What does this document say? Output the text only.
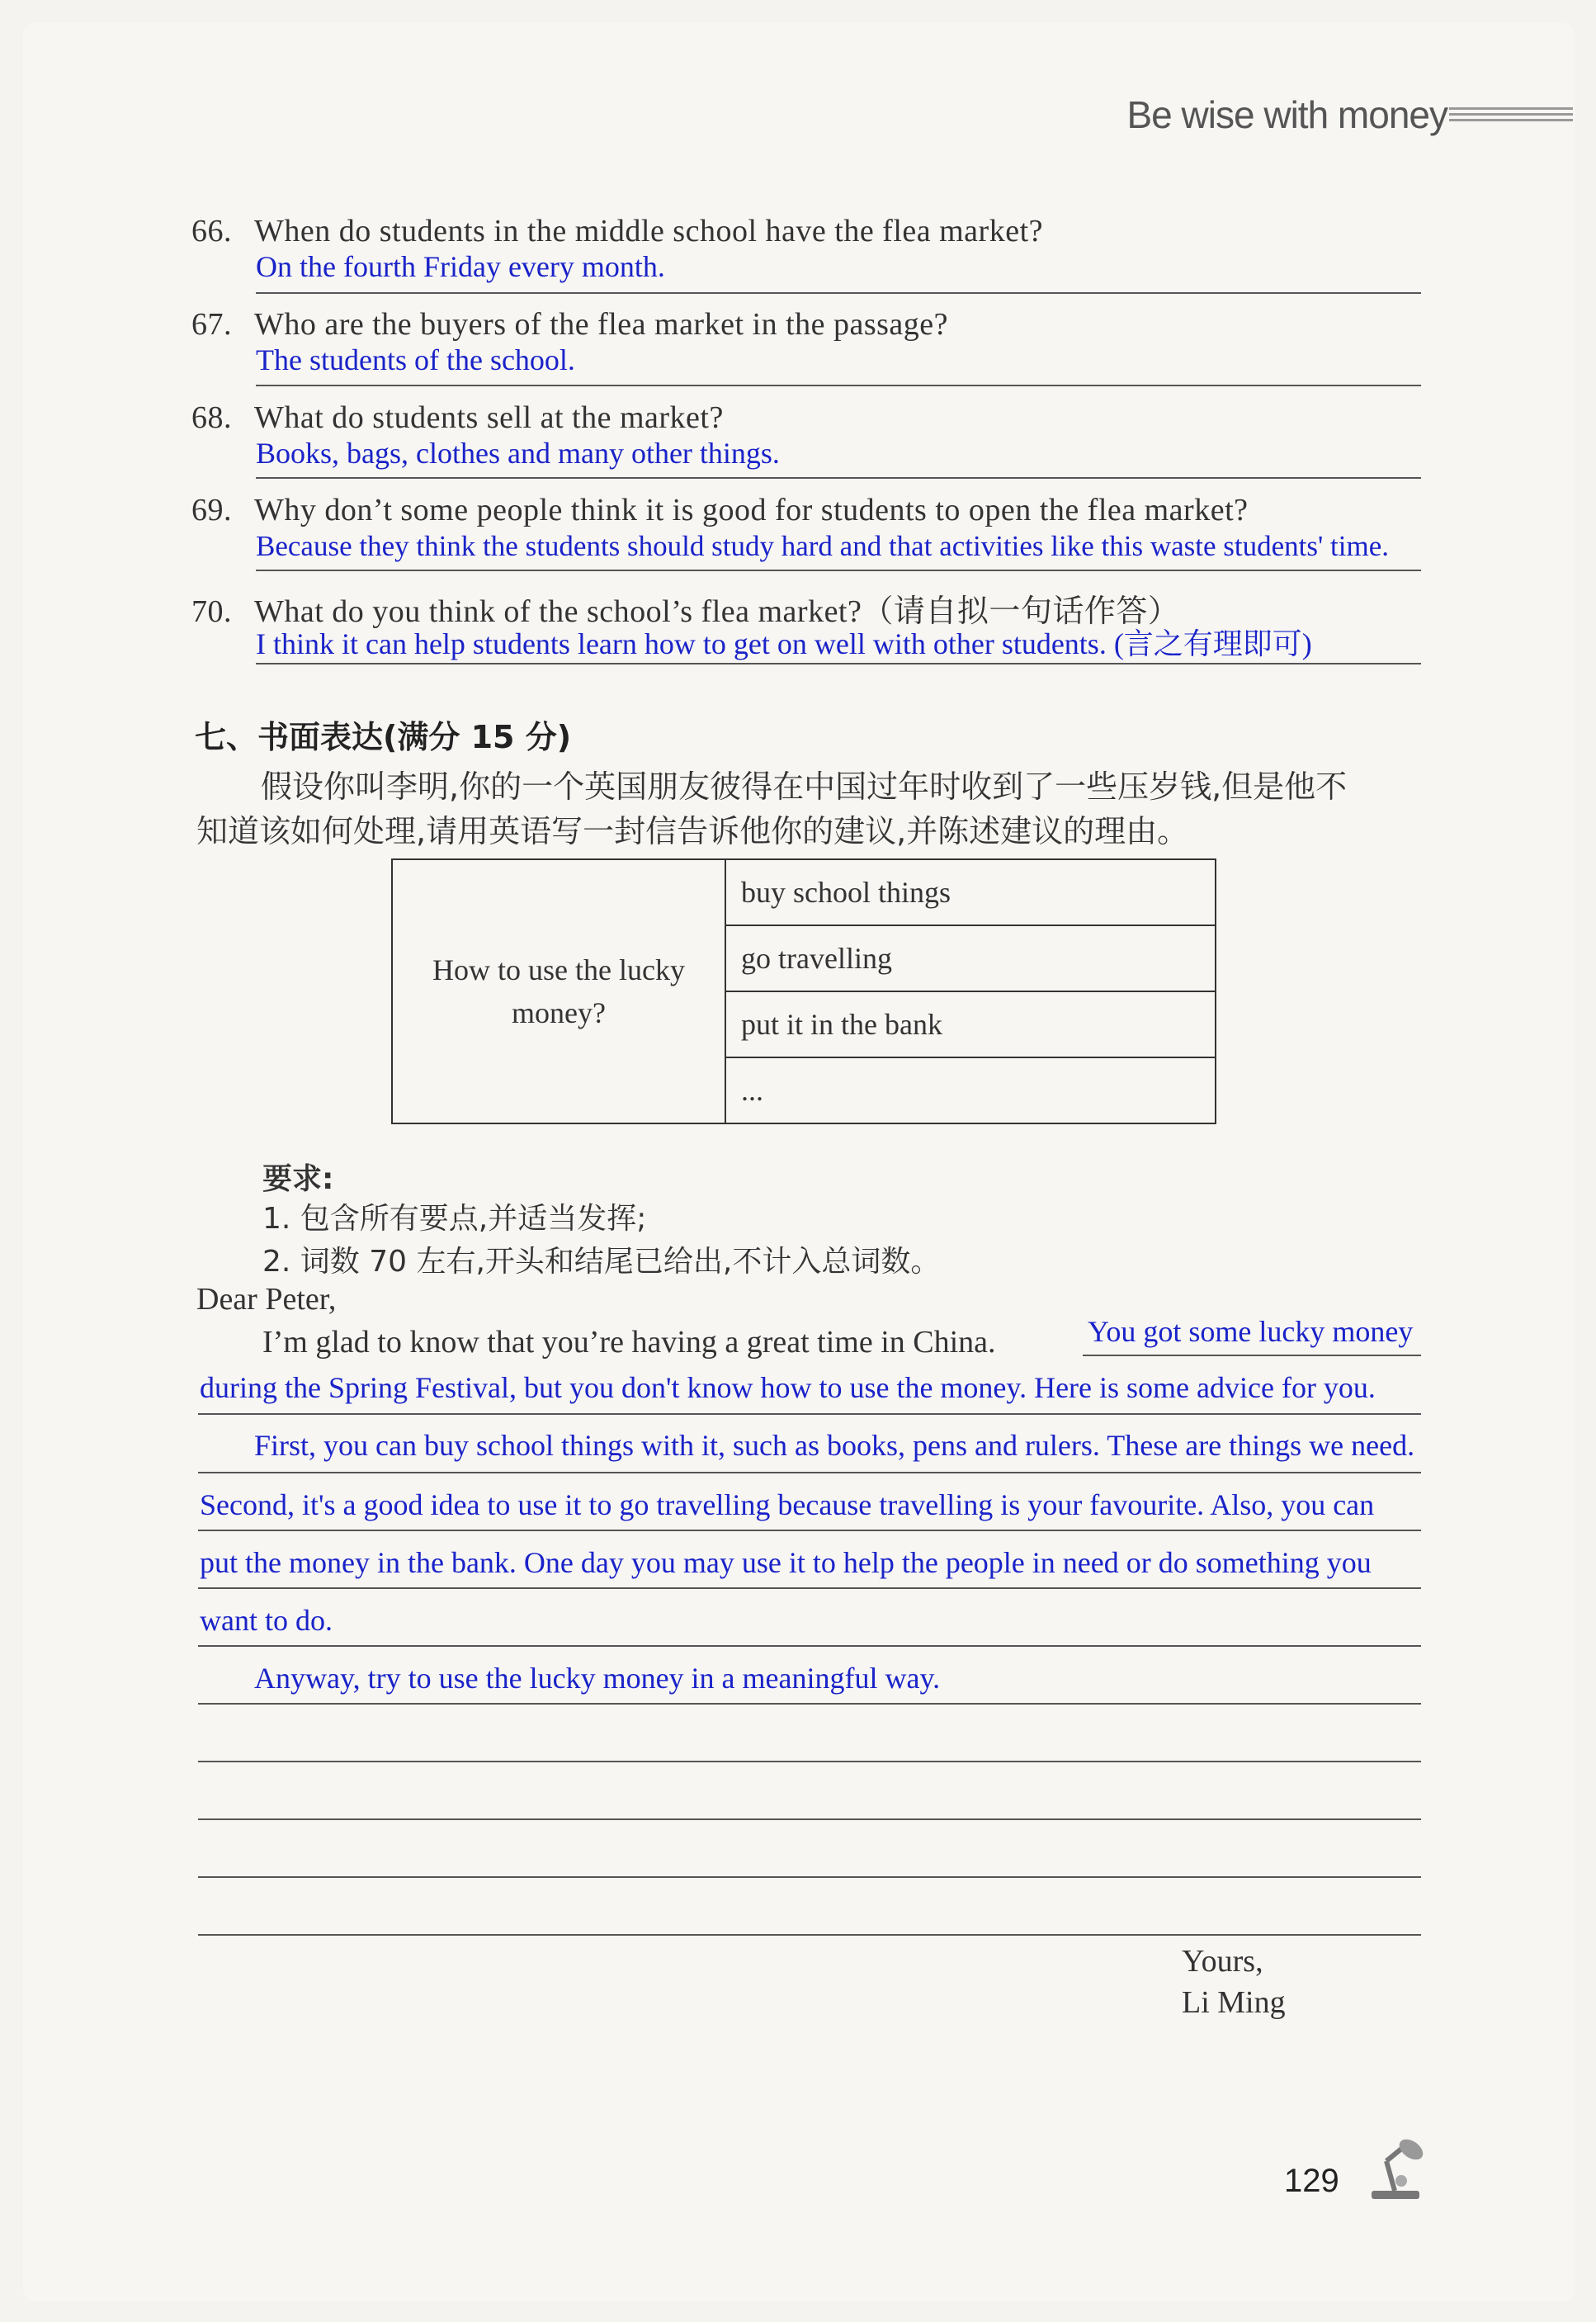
Be wise with money
66. When do students in the middle school have the flea market?
On the fourth Friday every month.
67. Who are the buyers of the flea market in the passage?
The students of the school.
68. What do students sell at the market?
Books, bags, clothes and many other things.
69. Why don’t some people think it is good for students to open the flea market?
Because they think the students should study hard and that activities like this waste students' time.
70. What do you think of the school’s flea market?（请自拟一句话作答）
I think it can help students learn how to get on well with other students. (言之有理即可)
七、书面表达(满分 15 分)
假设你叫李明,你的一个英国朋友彼得在中国过年时收到了一些压岁钱,但是他不
知道该如何处理,请用英语写一封信告诉他你的建议,并陈述建议的理由。
How to use the lucky money?	buy school things
go travelling
put it in the bank
...
要求:
1. 包含所有要点,并适当发挥;
2. 词数 70 左右,开头和结尾已给出,不计入总词数。
Dear Peter,
I’m glad to know that you’re having a great time in China.	You got some lucky money
during the Spring Festival, but you don't know how to use the money. Here is some advice for you.
First, you can buy school things with it, such as books, pens and rulers. These are things we need.
Second, it's a good idea to use it to go travelling because travelling is your favourite. Also, you can
put the money in the bank. One day you may use it to help the people in need or do something you
want to do.
Anyway, try to use the lucky money in a meaningful way.
Yours,
Li Ming
129
